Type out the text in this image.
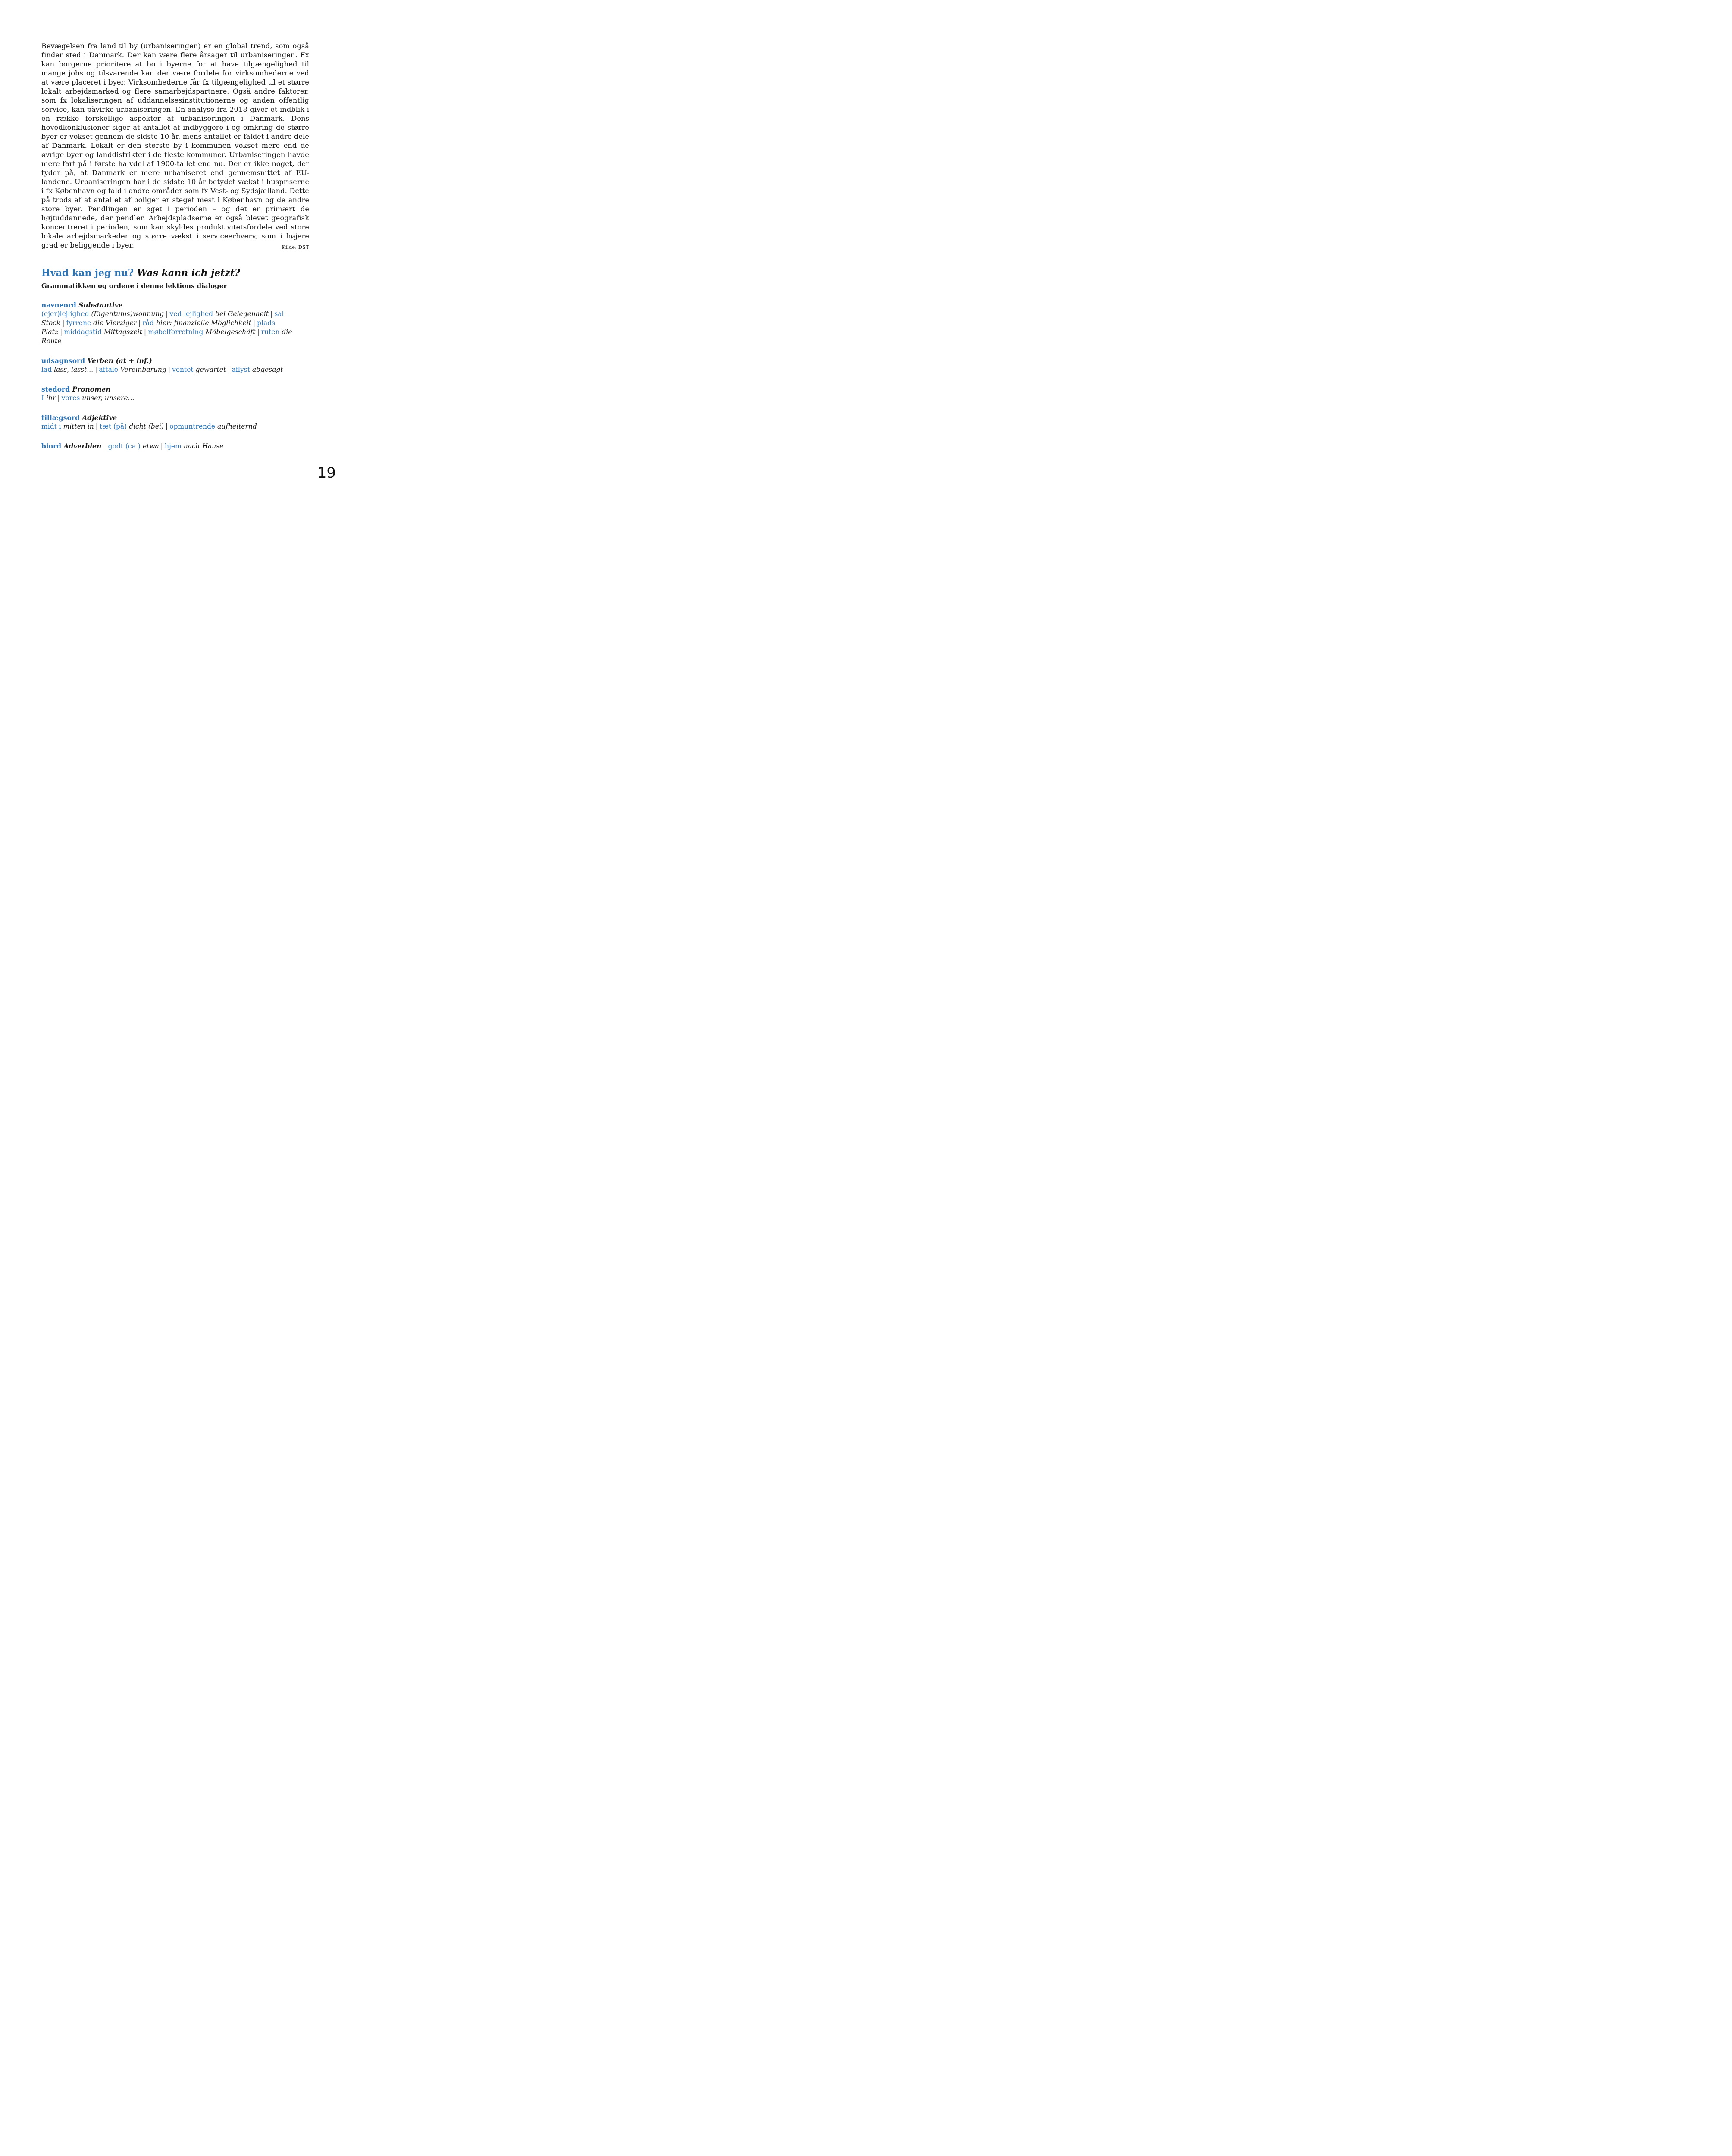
Bevægelsen fra land til by (urbaniseringen) er en global trend, som også finder sted i Danmark. Der kan være flere årsager til urbaniseringen. Fx kan borgerne prioritere at bo i byerne for at have tilgængelighed til mange jobs og tilsvarende kan der være fordele for virksomhederne ved at være placeret i byer. Virksomhederne får fx tilgængelighed til et større lokalt arbejdsmarked og flere samarbejdspartnere. Også andre faktorer, som fx lokaliseringen af uddannelsesinstitutionerne og anden offentlig service, kan påvirke urbaniseringen. En analyse fra 2018 giver et indblik i en række forskellige aspekter af urbaniseringen i Danmark. Dens hovedkonklusioner siger at antallet af indbyggere i og omkring de større byer er vokset gennem de sidste 10 år, mens antallet er faldet i andre dele af Danmark. Lokalt er den største by i kommunen vokset mere end de øvrige byer og landdistrikter i de fleste kommuner. Urbaniseringen havde mere fart på i første halvdel af 1900-tallet end nu. Der er ikke noget, der tyder på, at Danmark er mere urbaniseret end gennemsnittet af EU-landene. Urbaniseringen har i de sidste 10 år betydet vækst i huspriserne i fx København og fald i andre områder som fx Vest- og Sydsjælland. Dette på trods af at antallet af boliger er steget mest i København og de andre store byer. Pendlingen er øget i perioden – og det er primært de højtuddannede, der pendler. Arbejdspladserne er også blevet geografisk koncentreret i perioden, som kan skyldes produktivitetsfordele ved store lokale arbejdsmarkeder og større vækst i serviceerhverv, som i højere grad er beliggende i byer.	Kilde: DST

Hvad kan jeg nu? Was kann ich jetzt?
Grammatikken og ordene i denne lektions dialoger
navneord Substantive
(ejer)lejlighed (Eigentums)wohnung | ved lejlighed bei Gelegenheit | sal Stock | fyrrene die Vierziger | råd hier: finanzielle Möglichkeit | plads Platz | middagstid Mittagszeit | møbelforretning Möbelgeschäft | ruten die Route
udsagnsord Verben (at + inf.)
lad lass, lasst... | aftale Vereinbarung | ventet gewartet | aflyst abgesagt
stedord Pronomen
I ihr | vores unser, unsere...
tillægsord Adjektive
midt i mitten in | tæt (på) dicht (bei) | opmuntrende aufheiternd
biord Adverbien godt (ca.) etwa | hjem nach Hause
19
